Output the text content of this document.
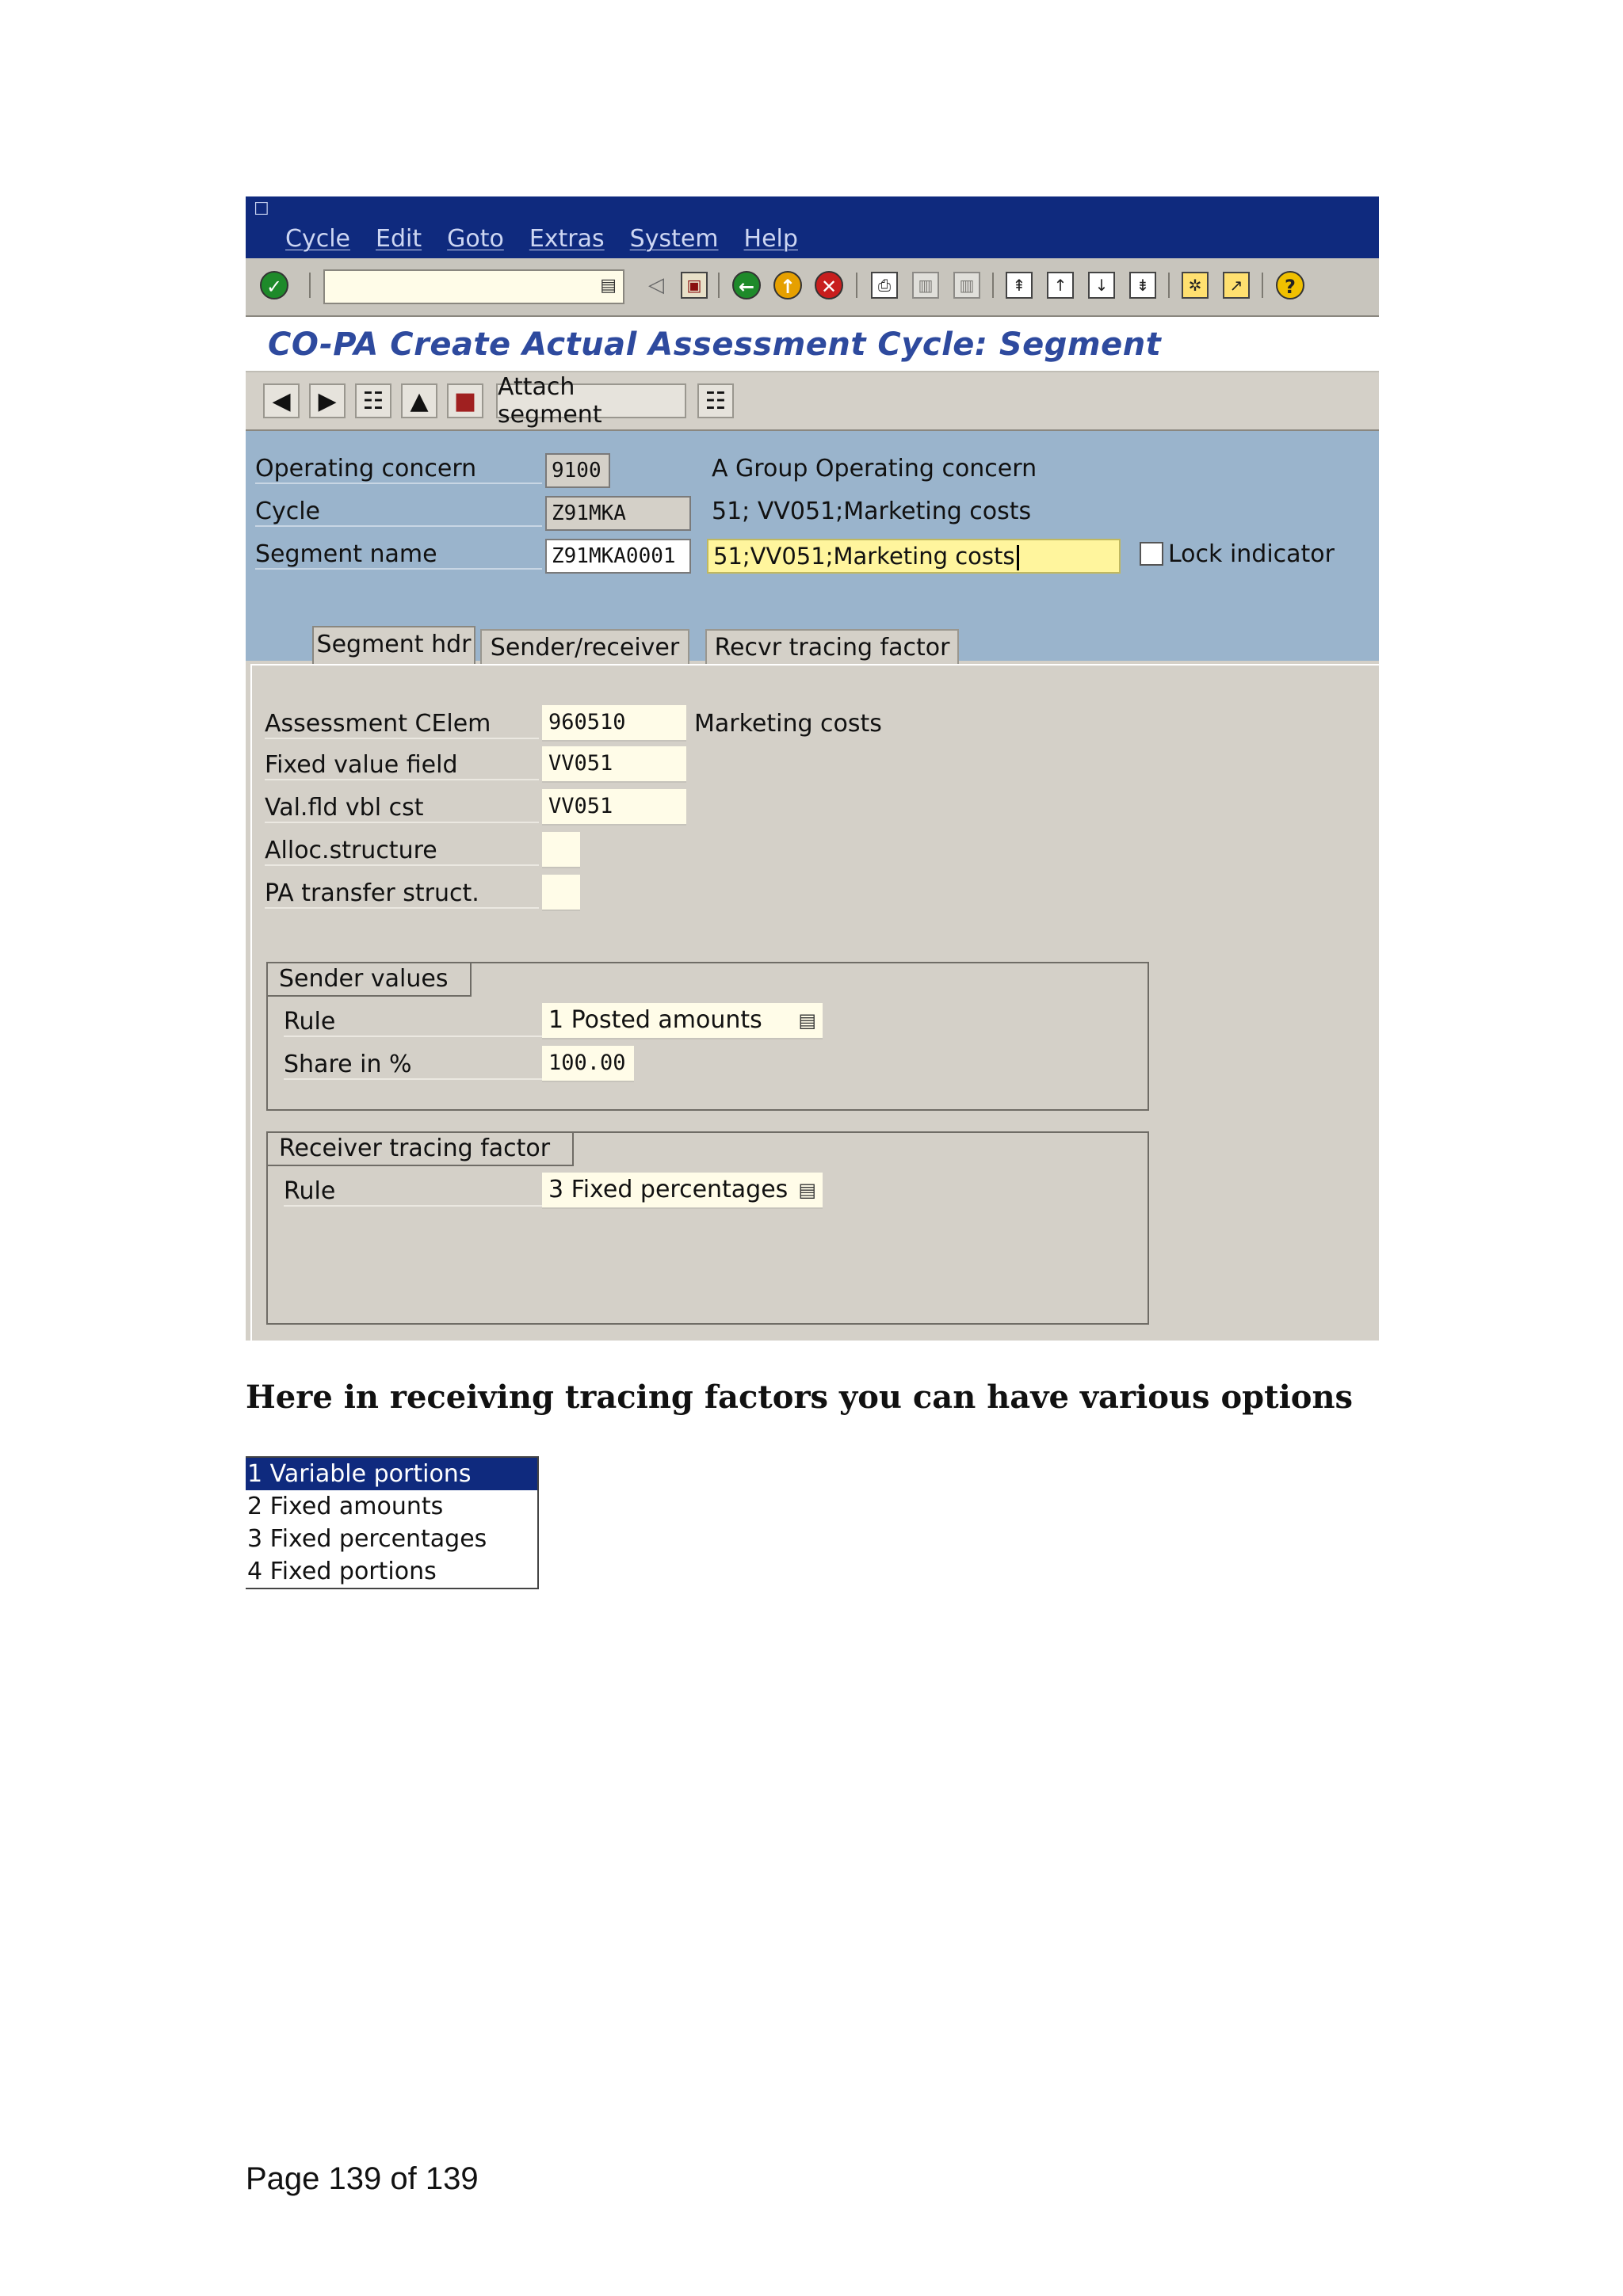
☐
Cycle Edit Goto Extras System Help
✓	▤	◁	▣	←	↑	✕	⎙	▥	▥	⇞	↑	↓	⇟	✲	↗	?
CO-PA Create Actual Assessment Cycle: Segment
◀ ▶ ☷ ▲ ■ Attach segment	☷
Operating concern	9100	A Group Operating concern
Cycle	Z91MKA	51; VV051;Marketing costs
Segment name	Z91MKA0001	51;VV051;Marketing costs	Lock indicator
Segment hdr Sender/receiver	Recvr tracing factor
Assessment CElem	960510	Marketing costs
Fixed value field	VV051
Val.fld vbl cst	VV051
Alloc.structure
PA transfer struct.
Sender values
Rule	1 Posted amounts ▤
Share in %	100.00
Receiver tracing factor
Rule	3 Fixed percentages ▤
Here in receiving tracing factors you can have various options
1 Variable portions
2 Fixed amounts
3 Fixed percentages
4 Fixed portions
Page 139 of 139
